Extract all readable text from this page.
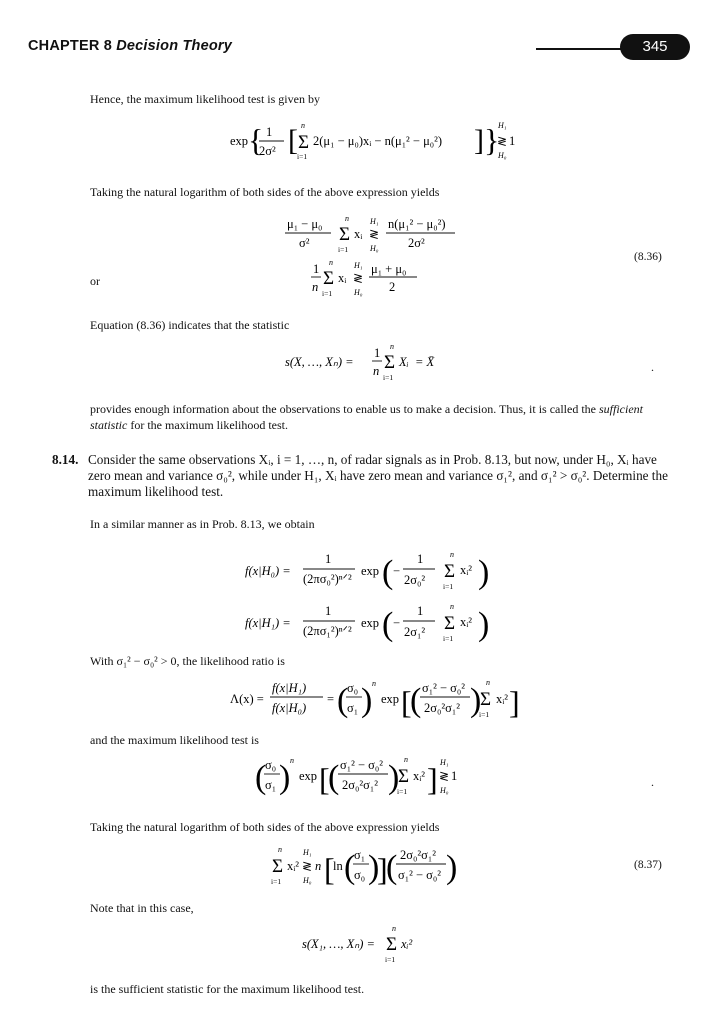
CHAPTER 8 Decision Theory	345
Hence, the maximum likelihood test is given by
exp { 1
2σ² [ n
Σ
i=1
2(μ₁ − μ₀)xᵢ − n(μ₁² − μ₀²) ] }
H₁
≷ 1
H₀
Taking the natural logarithm of both sides of the above expression yields
μ₁ − μ₀
σ²
n
Σ
i=1
xᵢ
H₁
≷
H₀
n(μ₁² − μ₀²)
2σ²
or
1
n
n
Σ
i=1
xᵢ
H₁
≷
H₀
μ₁ + μ₀
2
(8.36)
Equation (8.36) indicates that the statistic
s(X, …, Xₙ) =
1
n
n
Σ
i=1
Xᵢ = X̄	.
provides enough information about the observations to enable us to make a decision. Thus, it is called the sufficient statistic for the maximum likelihood test.
8.14. Consider the same observations Xᵢ, i = 1, …, n, of radar signals as in Prob. 8.13, but now, under H₀, Xᵢ have zero mean and variance σ₀², while under H₁, Xᵢ have zero mean and variance σ₁², and σ₁² > σ₀². Determine the maximum likelihood test.
In a similar manner as in Prob. 8.13, we obtain
f(x|H₀) =
1
(2πσ₀²)ⁿᐟ²
exp ( −
1
2σ₀²
n
Σ
i=1
xᵢ² )
f(x|H₁) =
1
(2πσ₁²)ⁿᐟ²
exp ( −
1
2σ₁²
n
Σ
i=1
xᵢ² )
With σ₁² − σ₀² > 0, the likelihood ratio is
Λ(x) =
f(x|H₁)
f(x|H₀)
= (
σ₀
σ₁ ) n
exp [
( σ₁² − σ₀²
2σ₀²σ₁² ) n
Σ
i=1
xᵢ² ]
and the maximum likelihood test is
(
σ₀
σ₁ ) n
exp [
( σ₁² − σ₀²
2σ₀²σ₁² ) n
Σ
i=1
xᵢ² ] H₁
≷ 1
H₀
.
Taking the natural logarithm of both sides of the above expression yields
n
Σ
i=1
xᵢ²
H₁
≷
H₀
n [
ln (
σ₁
σ₀ )
]
( 2σ₀²σ₁²
σ₁² − σ₀² )	(8.37)
Note that in this case,
s(X₁, …, Xₙ) =
n
Σ
i=1
xᵢ²
is the sufficient statistic for the maximum likelihood test.
